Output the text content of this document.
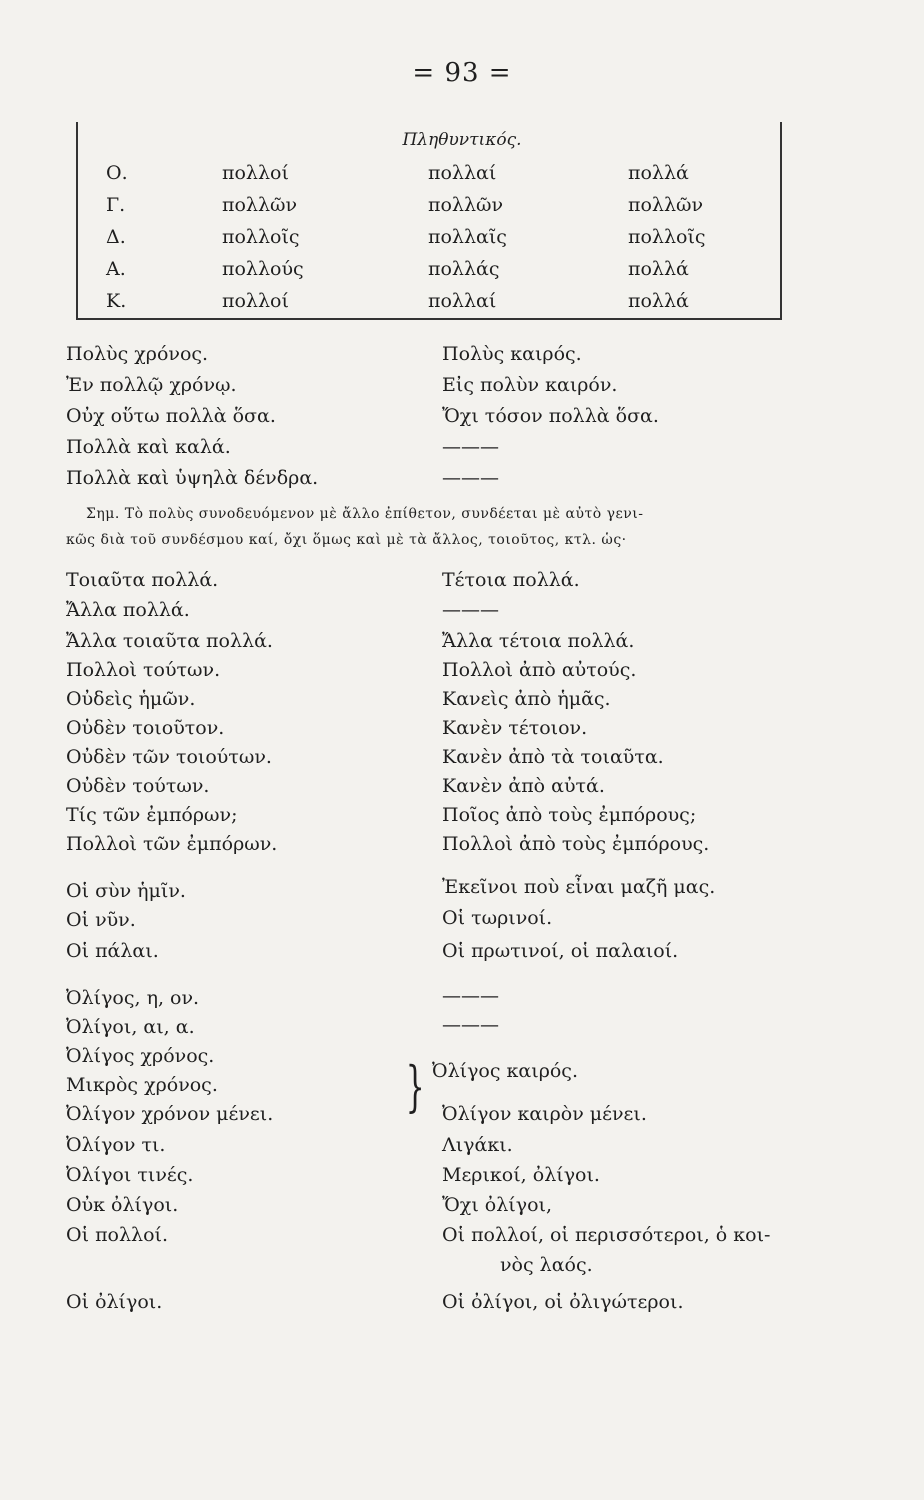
= 93 =
Πληθυντικός.
Ο.	πολλοί	πολλαί	πολλά
Γ.	πολλῶν	πολλῶν	πολλῶν
Δ.	πολλοῖς	πολλαῖς	πολλοῖς
Α.	πολλούς	πολλάς	πολλά
Κ.	πολλοί	πολλαί	πολλά
Πολὺς χρόνος.	Πολὺς καιρός.
Ἐν πολλῷ χρόνῳ.	Εἰς πολὺν καιρόν.
Οὐχ οὕτω πολλὰ ὅσα.	Ὄχι τόσον πολλὰ ὅσα.
Πολλὰ καὶ καλά.	———
Πολλὰ καὶ ὑψηλὰ δένδρα.	———
Σημ. Τὸ πολὺς συνοδευόμενον μὲ ἄλλο ἐπίθετον, συνδέεται μὲ αὐτὸ γενι-
κῶς διὰ τοῦ συνδέσμου καί, ὄχι ὅμως καὶ μὲ τὰ ἄλλος, τοιοῦτος, κτλ. ὡς·
Τοιαῦτα πολλά.	Τέτοια πολλά.
Ἄλλα πολλά.	———
Ἄλλα τοιαῦτα πολλά.	Ἄλλα τέτοια πολλά.
Πολλοὶ τούτων.	Πολλοὶ ἀπὸ αὐτούς.
Οὐδεὶς ἡμῶν.	Κανεὶς ἀπὸ ἡμᾶς.
Οὐδὲν τοιοῦτον.	Κανὲν τέτοιον.
Οὐδὲν τῶν τοιούτων.	Κανὲν ἀπὸ τὰ τοιαῦτα.
Οὐδὲν τούτων.	Κανὲν ἀπὸ αὐτά.
Τίς τῶν ἐμπόρων;	Ποῖος ἀπὸ τοὺς ἐμπόρους;
Πολλοὶ τῶν ἐμπόρων.	Πολλοὶ ἀπὸ τοὺς ἐμπόρους.
Οἱ σὺν ἡμῖν.	Ἐκεῖνοι ποὺ εἶναι μαζῆ μας.
Οἱ νῦν.	Οἱ τωρινοί.
Οἱ πάλαι.	Οἱ πρωτινοί, οἱ παλαιοί.
Ὀλίγος, η, ον.	———
Ὀλίγοι, αι, α.	———
Ὀλίγος χρόνος.
Μικρὸς χρόνος.	} Ὀλίγος καιρός.
Ὀλίγον χρόνον μένει.	Ὀλίγον καιρὸν μένει.
Ὀλίγον τι.	Λιγάκι.
Ὀλίγοι τινές.	Μερικοί, ὀλίγοι.
Οὐκ ὀλίγοι.	Ὄχι ὀλίγοι,
Οἱ πολλοί.	Οἱ πολλοί, οἱ περισσότεροι, ὁ κοι-
νὸς λαός.
Οἱ ὀλίγοι.	Οἱ ὀλίγοι, οἱ ὀλιγώτεροι.
